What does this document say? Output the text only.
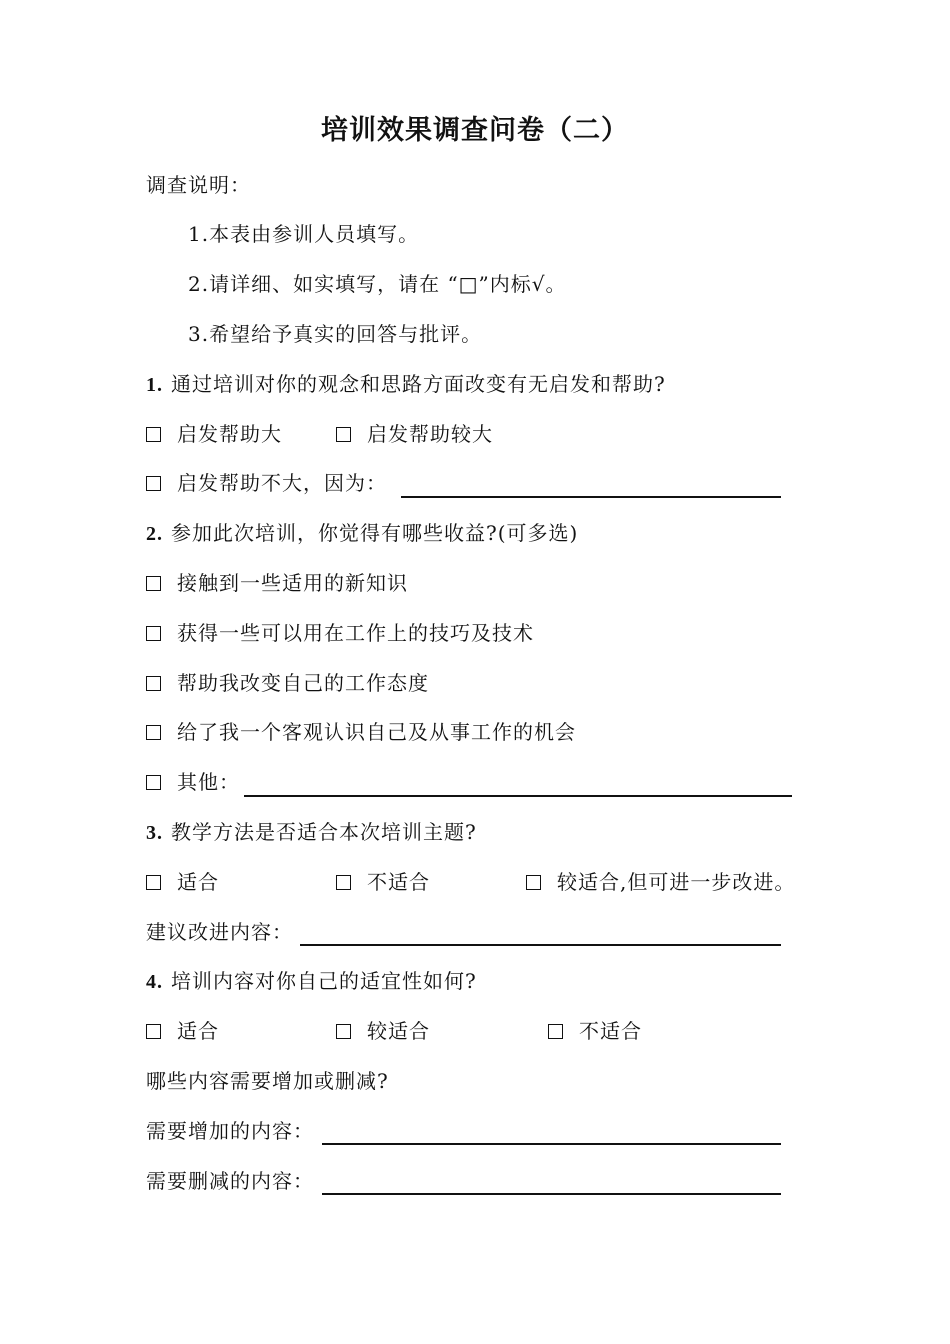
培训效果调查问卷（二）
调查说明：
1.本表由参训人员填写。
2.请详细、如实填写，请在 “□”内标√。
3.希望给予真实的回答与批评。
1. 通过培训对你的观念和思路方面改变有无启发和帮助?
启发帮助大	启发帮助较大
启发帮助不大，因为：
2. 参加此次培训，你觉得有哪些收益?(可多选)
接触到一些适用的新知识
获得一些可以用在工作上的技巧及技术
帮助我改变自己的工作态度
给了我一个客观认识自己及从事工作的机会
其他：
3. 教学方法是否适合本次培训主题?
适合	不适合	较适合,但可进一步改进。
建议改进内容：
4. 培训内容对你自己的适宜性如何?
适合	较适合	不适合
哪些内容需要增加或删减?
需要增加的内容：
需要删减的内容：
